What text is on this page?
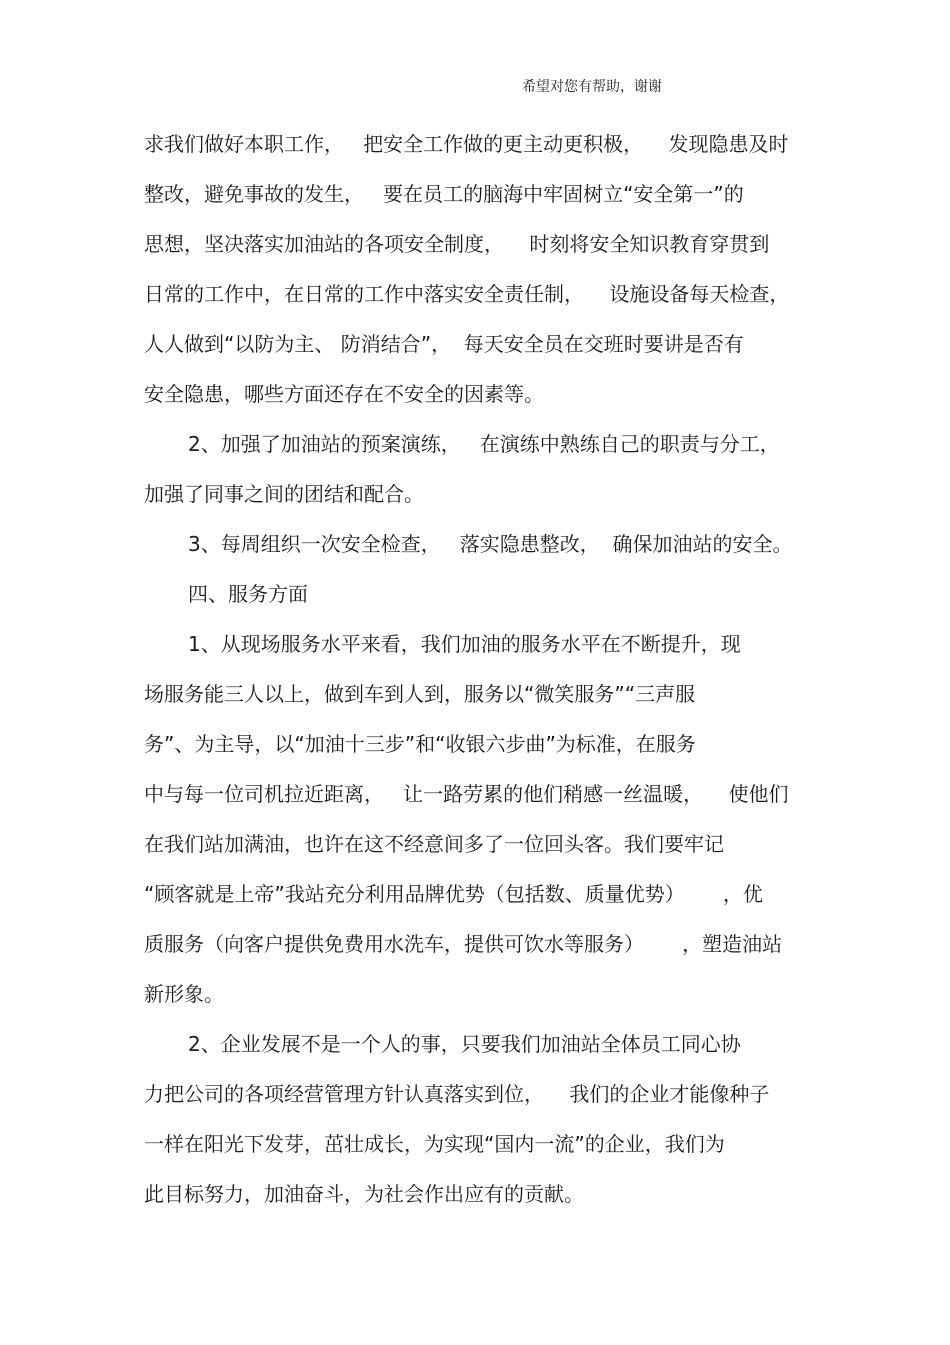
希望对您有帮助，谢谢
求我们做好本职工作，   把安全工作做的更主动更积极，    发现隐患及时
整改，避免事故的发生，   要在员工的脑海中牢固树立“安全第一”的
思想，坚决落实加油站的各项安全制度，    时刻将安全知识教育穿贯到
日常的工作中，在日常的工作中落实安全责任制，    设施设备每天检查，
人人做到“以防为主、 防消结合”，  每天安全员在交班时要讲是否有
安全隐患，哪些方面还存在不安全的因素等。
2、加强了加油站的预案演练，   在演练中熟练自己的职责与分工，
加强了同事之间的团结和配合。
3、每周组织一次安全检查，   落实隐患整改，  确保加油站的安全。
四、服务方面
1、从现场服务水平来看，我们加油的服务水平在不断提升，现
场服务能三人以上，做到车到人到，服务以“微笑服务”“三声服
务”、为主导，以“加油十三步”和“收银六步曲”为标准，在服务
中与每一位司机拉近距离，   让一路劳累的他们稍感一丝温暖，    使他们
在我们站加满油，也许在这不经意间多了一位回头客。我们要牢记
“顾客就是上帝”我站充分利用品牌优势（包括数、质量优势）      ，优
质服务（向客户提供免费用水洗车，提供可饮水等服务）      ，塑造油站
新形象。
2、企业发展不是一个人的事，只要我们加油站全体员工同心协
力把公司的各项经营管理方针认真落实到位，    我们的企业才能像种子
一样在阳光下发芽，茁壮成长，为实现“国内一流”的企业，我们为
此目标努力，加油奋斗，为社会作出应有的贡献。
